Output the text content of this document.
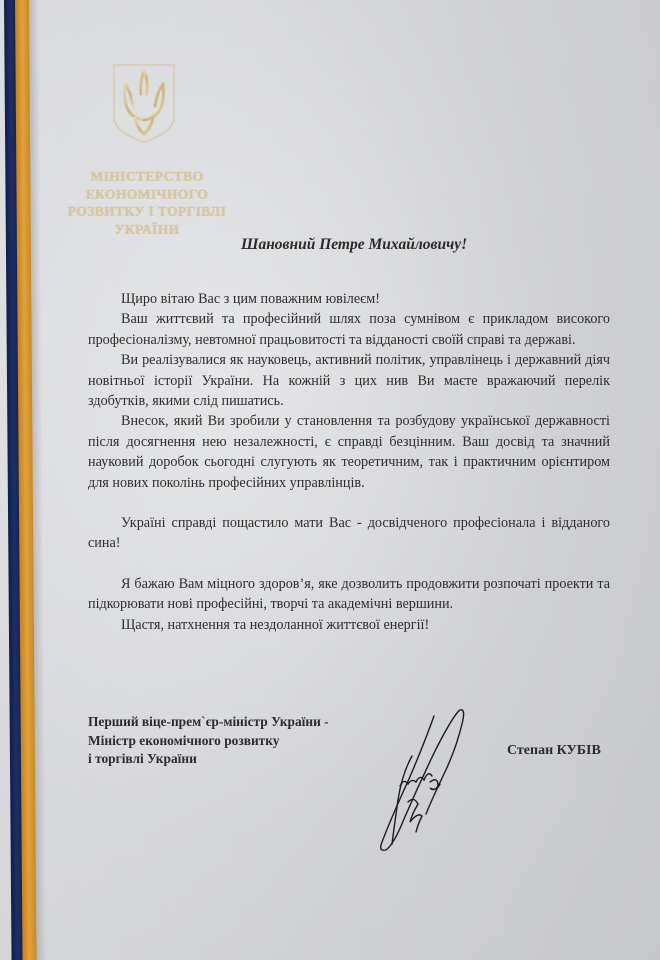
МІНІСТЕРСТВО
ЕКОНОМІЧНОГО
РОЗВИТКУ І ТОРГІВЛІ
УКРАЇНИ
Шановний Петре Михайловичу!

Щиро вітаю Вас з цим поважним ювілеєм!

Ваш життєвий та професійний шлях поза сумнівом є прикладом високого професіоналізму, невтомної працьовитості та відданості своїй справі та державі.

Ви реалізувалися як науковець, активний політик, управлінець і державний діяч новітньої історії України. На кожній з цих нив Ви маєте вражаючий перелік здобутків, якими слід пишатись.

Внесок, який Ви зробили у становлення та розбудову української державності після досягнення нею незалежності, є справді безцінним. Ваш досвід та значний науковий доробок сьогодні слугують як теоретичним, так і практичним орієнтиром для нових поколінь професійних управлінців.

Україні справді пощастило мати Вас - досвідченого професіонала і відданого сина!

Я бажаю Вам міцного здоров’я, яке дозволить продовжити розпочаті проекти та підкорювати нові професійні, творчі та академічні вершини.

Щастя, натхнення та нездоланної життєвої енергії!

Перший віце-прем`єр-міністр України -
Міністр економічного розвитку
і торгівлі України
Степан КУБІВ
